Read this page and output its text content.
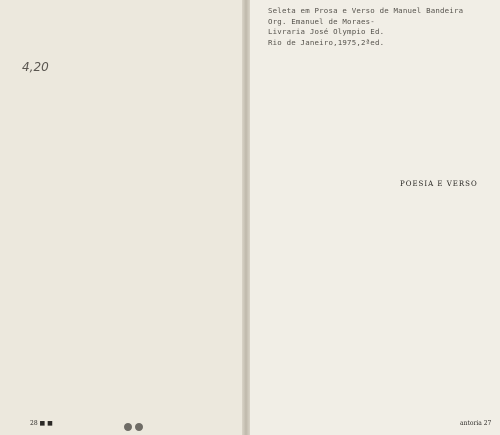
4,20

28 ■ ■
Seleta em Prosa e Verso de Manuel Bandeira
Org. Emanuel de Moraes-
Livraria José Olympio Ed.
Rio de Janeiro,1975,2ªed.

POESIA E VERSO

antoria 27
